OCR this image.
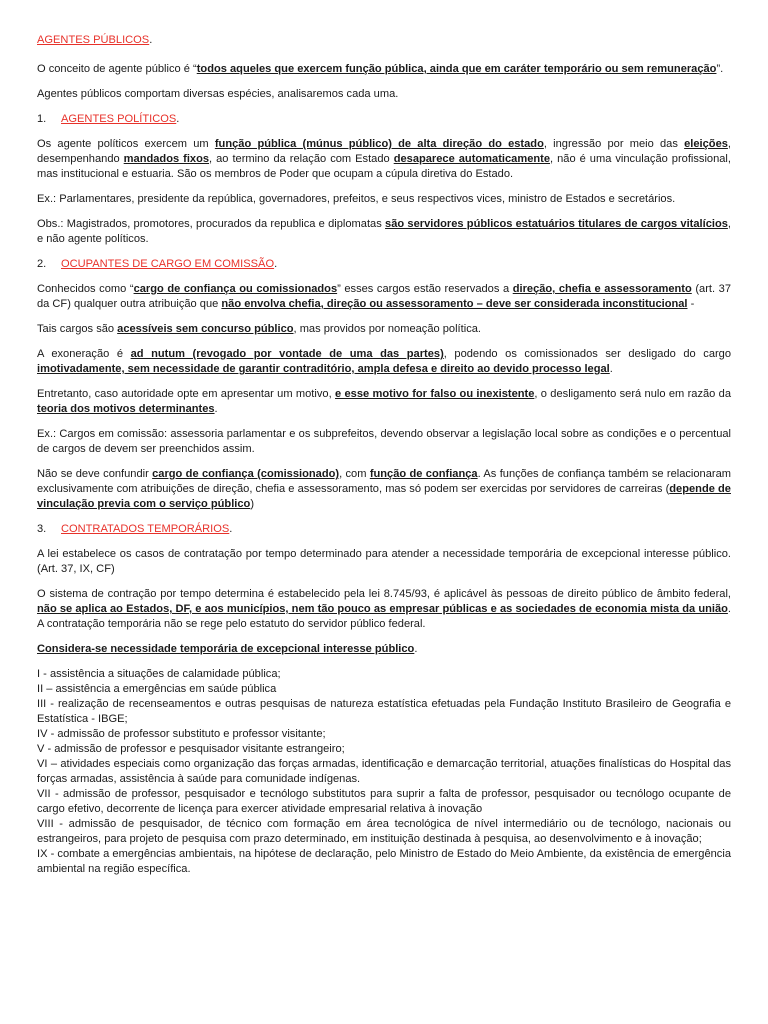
AGENTES PÚBLICOS.

O conceito de agente público é “todos aqueles que exercem função pública, ainda que em caráter temporário ou sem remuneração”.

Agentes públicos comportam diversas espécies, analisaremos cada uma.

1. AGENTES POLÍTICOS.

Os agente políticos exercem um função pública (múnus público) de alta direção do estado, ingressão por meio das eleições, desempenhando mandados fixos, ao termino da relação com Estado desaparece automaticamente, não é uma vinculação profissional, mas institucional e estuaria. São os membros de Poder que ocupam a cúpula diretiva do Estado.

Ex.: Parlamentares, presidente da república, governadores, prefeitos, e seus respectivos vices, ministro de Estados e secretários.

Obs.: Magistrados, promotores, procurados da republica e diplomatas são servidores públicos estatuários titulares de cargos vitalícios, e não agente políticos.

2. OCUPANTES DE CARGO EM COMISSÃO.

Conhecidos como “cargo de confiança ou comissionados” esses cargos estão reservados a direção, chefia e assessoramento (art. 37 da CF) qualquer outra atribuição que não envolva chefia, direção ou assessoramento – deve ser considerada inconstitucional -

Tais cargos são acessíveis sem concurso público, mas providos por nomeação política.

A exoneração é ad nutum (revogado por vontade de uma das partes), podendo os comissionados ser desligado do cargo imotivadamente, sem necessidade de garantir contraditório, ampla defesa e direito ao devido processo legal.

Entretanto, caso autoridade opte em apresentar um motivo, e esse motivo for falso ou inexistente, o desligamento será nulo em razão da teoria dos motivos determinantes.

Ex.: Cargos em comissão: assessoria parlamentar e os subprefeitos, devendo observar a legislação local sobre as condições e o percentual de cargos de devem ser preenchidos assim.

Não se deve confundir cargo de confiança (comissionado), com função de confiança. As funções de confiança também se relacionaram exclusivamente com atribuições de direção, chefia e assessoramento, mas só podem ser exercidas por servidores de carreiras (depende de vinculação previa com o serviço público)

3. CONTRATADOS TEMPORÁRIOS.

A lei estabelece os casos de contratação por tempo determinado para atender a necessidade temporária de excepcional interesse público. (Art. 37, IX, CF)

O sistema de contração por tempo determina é estabelecido pela lei 8.745/93, é aplicável às pessoas de direito público de âmbito federal, não se aplica ao Estados, DF, e aos municípios, nem tão pouco as empresar públicas e as sociedades de economia mista da união. A contratação temporária não se rege pelo estatuto do servidor público federal.

Considera-se necessidade temporária de excepcional interesse público.

I - assistência a situações de calamidade pública;
II – assistência a emergências em saúde pública
III - realização de recenseamentos e outras pesquisas de natureza estatística efetuadas pela Fundação Instituto Brasileiro de Geografia e Estatística - IBGE;
IV - admissão de professor substituto e professor visitante;
V - admissão de professor e pesquisador visitante estrangeiro;
VI – atividades especiais como organização das forças armadas, identificação e demarcação territorial, atuações finalísticas do Hospital das forças armadas, assistência à saúde para comunidade indígenas.
VII - admissão de professor, pesquisador e tecnólogo substitutos para suprir a falta de professor, pesquisador ou tecnólogo ocupante de cargo efetivo, decorrente de licença para exercer atividade empresarial relativa à inovação
VIII - admissão de pesquisador, de técnico com formação em área tecnológica de nível intermediário ou de tecnólogo, nacionais ou estrangeiros, para projeto de pesquisa com prazo determinado, em instituição destinada à pesquisa, ao desenvolvimento e à inovação;
IX - combate a emergências ambientais, na hipótese de declaração, pelo Ministro de Estado do Meio Ambiente, da existência de emergência ambiental na região específica.
